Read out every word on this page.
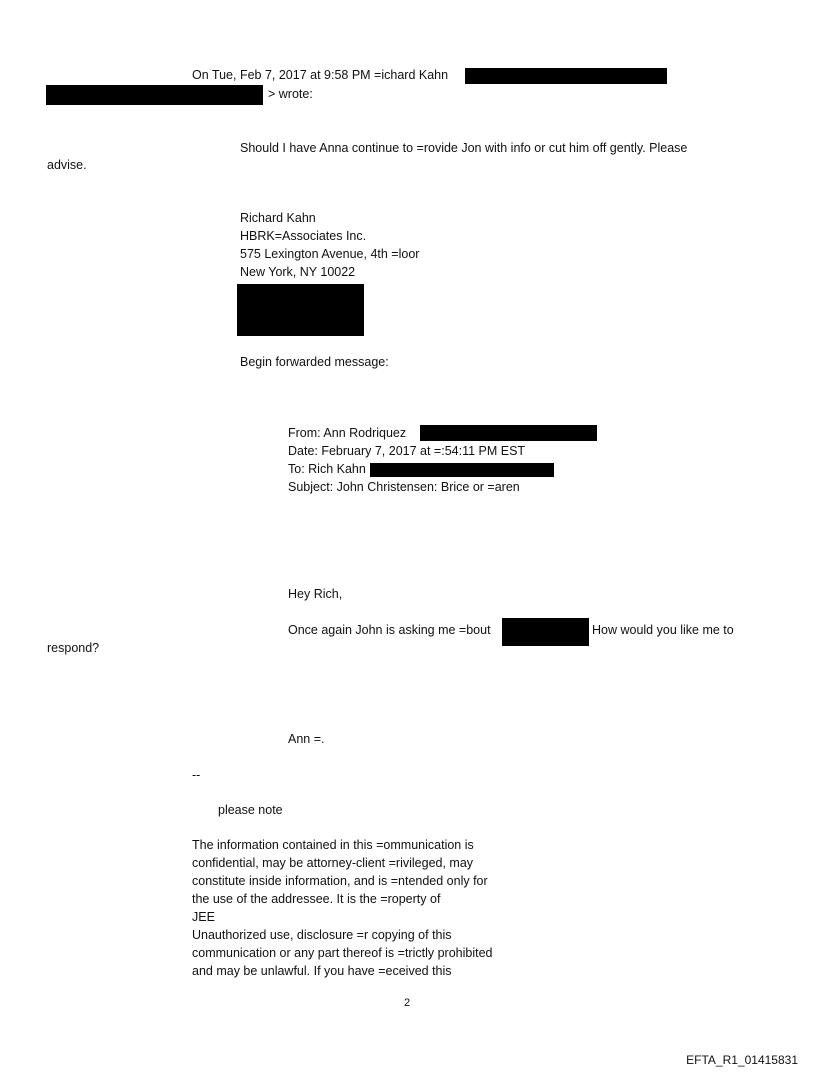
On Tue, Feb 7, 2017 at 9:58 PM =ichard Kahn
> wrote:
Should I have Anna continue to =rovide Jon with info or cut him off gently. Please
advise.
Richard Kahn
HBRK=Associates Inc.
575 Lexington Avenue, 4th =loor
New York, NY 10022
Begin forwarded message:
From: Ann Rodriquez
Date: February 7, 2017 at =:54:11 PM EST
To: Rich Kahn
Subject: John Christensen: Brice or =aren
Hey Rich,
Once again John is asking me =bout	How would you like me to
respond?
Ann =.
--
please note
The information contained in this =ommunication is
confidential, may be attorney-client =rivileged, may
constitute inside information, and is =ntended only for
the use of the addressee. It is the =roperty of
JEE
Unauthorized use, disclosure =r copying of this
communication or any part thereof is =trictly prohibited
and may be unlawful. If you have =eceived this
2
EFTA_R1_01415831
